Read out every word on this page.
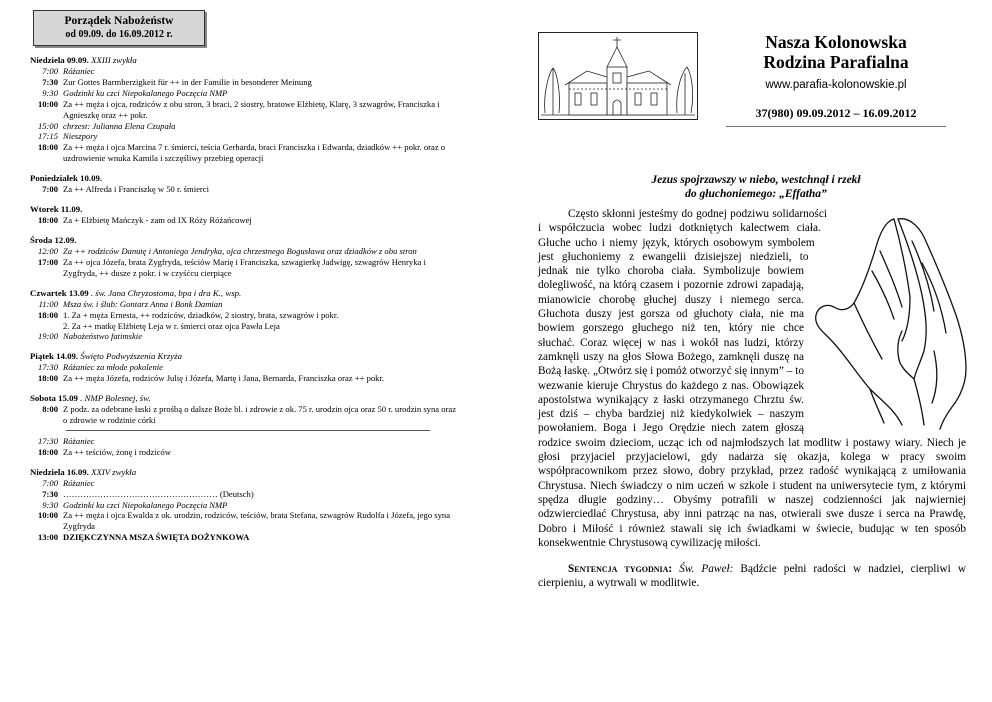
Porządek Nabożeństw
od 09.09. do 16.09.2012 r.
Niedziela 09.09. XXIII zwykła
7:00 Różaniec
7:30 Zur Gottes Barmherzigkeit für ++ in der Familie in besonderer Meinung
9:30 Godzinki ku czci Niepokalanego Poczęcia NMP
10:00 Za ++ męża i ojca, rodziców z obu stron, 3 braci, 2 siostry, bratowe Elżbietę, Klarę, 3 szwagrów, Franciszka i Agnieszkę oraz ++ pokr.
15:00 chrzest: Julianna Elena Czupała
17:15 Nieszpory
18:00 Za ++ męża i ojca Marcina 7 r. śmierci, teścia Gerharda, braci Franciszka i Edwarda, dziadków ++ pokr. oraz o uzdrowienie wnuka Kamila i szczęśliwy przebieg operacji
Poniedziałek 10.09.
7:00 Za ++ Alfreda i Franciszkę w 50 r. śmierci
Wtorek 11.09.
18:00 Za + Elżbietę Mańczyk - zam od IX Róży Różańcowej
Środa 12.09.
12:00 Za ++ rodziców Danutę i Antoniego Jendryka, ojca chrzestnego Bogusława oraz dziadków z obu stron
17:00 Za ++ ojca Józefa, brata Zygfryda, teściów Marię i Franciszka, szwagierkę Jadwigę, szwagrów Henryka i Zygfryda, ++ dusze z pokr. i w czyśćcu cierpiące
Czwartek 13.09 . św. Jana Chryzostoma, bpa i dra K., wsp.
11:00 Msza św. i ślub: Gontarz Anna i Bonk Damian
18:00 1. Za + męża Ernesta, ++ rodziców, dziadków, 2 siostry, brata, szwagrów i pokr.
2. Za ++ matkę Elżbietę Leja w r. śmierci oraz ojca Pawła Leja
19:00 Nabożeństwo fatimskie
Piątek 14.09. Święto Podwyższenia Krzyża
17:30 Różaniec za młode pokolenie
18:00 Za ++ męża Józefa, rodziców Julię i Józefa, Martę i Jana, Bernarda, Franciszka oraz ++ pokr.
Sobota 15.09 . NMP Bolesnej, św.
8:00 Z podz. za odebrane łaski z prośbą o dalsze Boże bl. i zdrowie z ok. 75 r. urodzin ojca oraz 50 r. urodzin syna oraz o zdrowie w rodzinie córki
17:30 Różaniec
18:00 Za ++ teściów, żonę i rodziców
Niedziela 16.09. XXIV zwykła
7:00 Różaniec
7:30 ……………………………………………… (Deutsch)
9:30 Godzinki ku czci Niepokalanego Poczęcia NMP
10:00 Za ++ męża i ojca Ewalda z ok. urodzin, rodziców, teściów, brata Stefana, szwagrów Rudolfa i Józefa, jego syna Zygfryda
13:00 DZIĘKCZYNNA MSZA ŚWIĘTA DOŻYNKOWA
Nasza Kolonowska
Rodzina Parafialna
www.parafia-kolonowskie.pl
37(980) 09.09.2012 – 16.09.2012
Jezus spojrzawszy w niebo, westchnął i rzekł
do głuchoniemego: „Effatha”

Często skłonni jesteśmy do godnej podziwu solidarności i współczucia wobec ludzi dotkniętych kalectwem ciała. Głuche ucho i niemy język, których osobowym symbolem jest głuchoniemy z ewangelii dzisiejszej niedzieli, to jednak nie tylko choroba ciała. Symbolizuje bowiem dolegliwość, na którą czasem i pozornie zdrowi zapadają, mianowicie chorobę głuchej duszy i niemego serca. Głuchota duszy jest gorsza od głuchoty ciała, nie ma bowiem gorszego głuchego niż ten, który nie chce słuchać. Coraz więcej w nas i wokół nas ludzi, którzy zamknęli uszy na głos Słowa Bożego, zamknęli duszę na Bożą łaskę. „Otwórz się i pomóż otworzyć się innym” – to wezwanie kieruje Chrystus do każdego z nas. Obowiązek apostolstwa wynikający z łaski otrzymanego Chrztu św. jest dziś – chyba bardziej niż kiedykolwiek – naszym powołaniem. Boga i Jego Orędzie niech zatem głoszą rodzice swoim dzieciom, ucząc ich od najmłodszych lat modlitw i postawy wiary. Niech je głosi przyjaciel przyjacielowi, gdy nadarza się okazja, kolega w pracy swoim współpracownikom przez słowo, dobry przykład, przez radość wynikającą z umiłowania Chrystusa. Niech świadczy o nim uczeń w szkole i student na uniwersytecie tym, z którymi spędza długie godziny… Obyśmy potrafili w naszej codzienności jak najwierniej odzwierciedlać Chrystusa, aby inni patrząc na nas, otwierali swe dusze i serca na Prawdę, Dobro i Miłość i również stawali się ich świadkami w świecie, budując w ten sposób konsekwentnie Chrystusową cywilizację miłości.

Sentencja tygodnia: Św. Paweł: Bądźcie pełni radości w nadziei, cierpliwi w cierpieniu, a wytrwali w modlitwie.
